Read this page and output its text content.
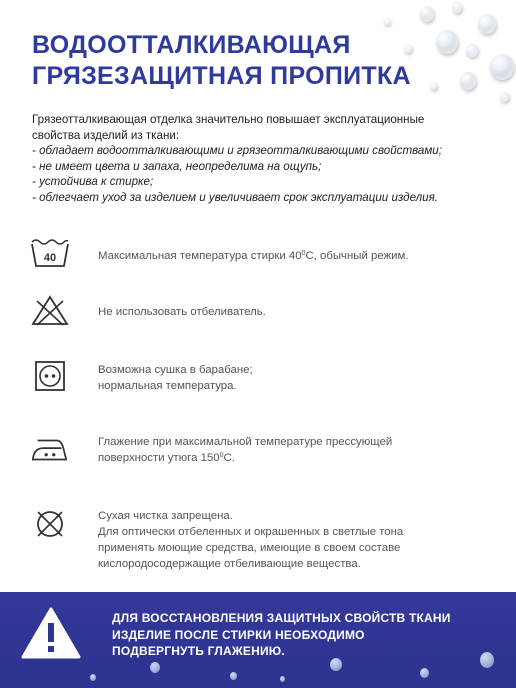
ВОДООТТАЛКИВАЮЩАЯ
ГРЯЗЕЗАЩИТНАЯ ПРОПИТКА
Грязеотталкивающая отделка значительно повышает эксплуатационные
свойства изделий из ткани:
- обладает водоотталкивающими и грязеотталкивающими свойствами;
- не имеет цвета и запаха, неопределима на ощупь;
- устойчива к стирке;
- облегчает уход за изделием и увеличивает срок эксплуатации изделия.
40	Максимальная температура стирки $40^0С$, обычный режим.
Не использовать отбеливатель.
Возможна сушка в барабане;
нормальная температура.
Глажение при максимальной температуре прессующей
поверхности утюга $150^0С$.
Сухая чистка запрещена.
Для оптически отбеленных и окрашенных в светлые тона
применять моющие средства, имеющие в своем составе
кислородосодержащие отбеливающие вещества.
ДЛЯ ВОССТАНОВЛЕНИЯ ЗАЩИТНЫХ СВОЙСТВ ТКАНИ
ИЗДЕЛИЕ ПОСЛЕ СТИРКИ НЕОБХОДИМО
ПОДВЕРГНУТЬ ГЛАЖЕНИЮ.
